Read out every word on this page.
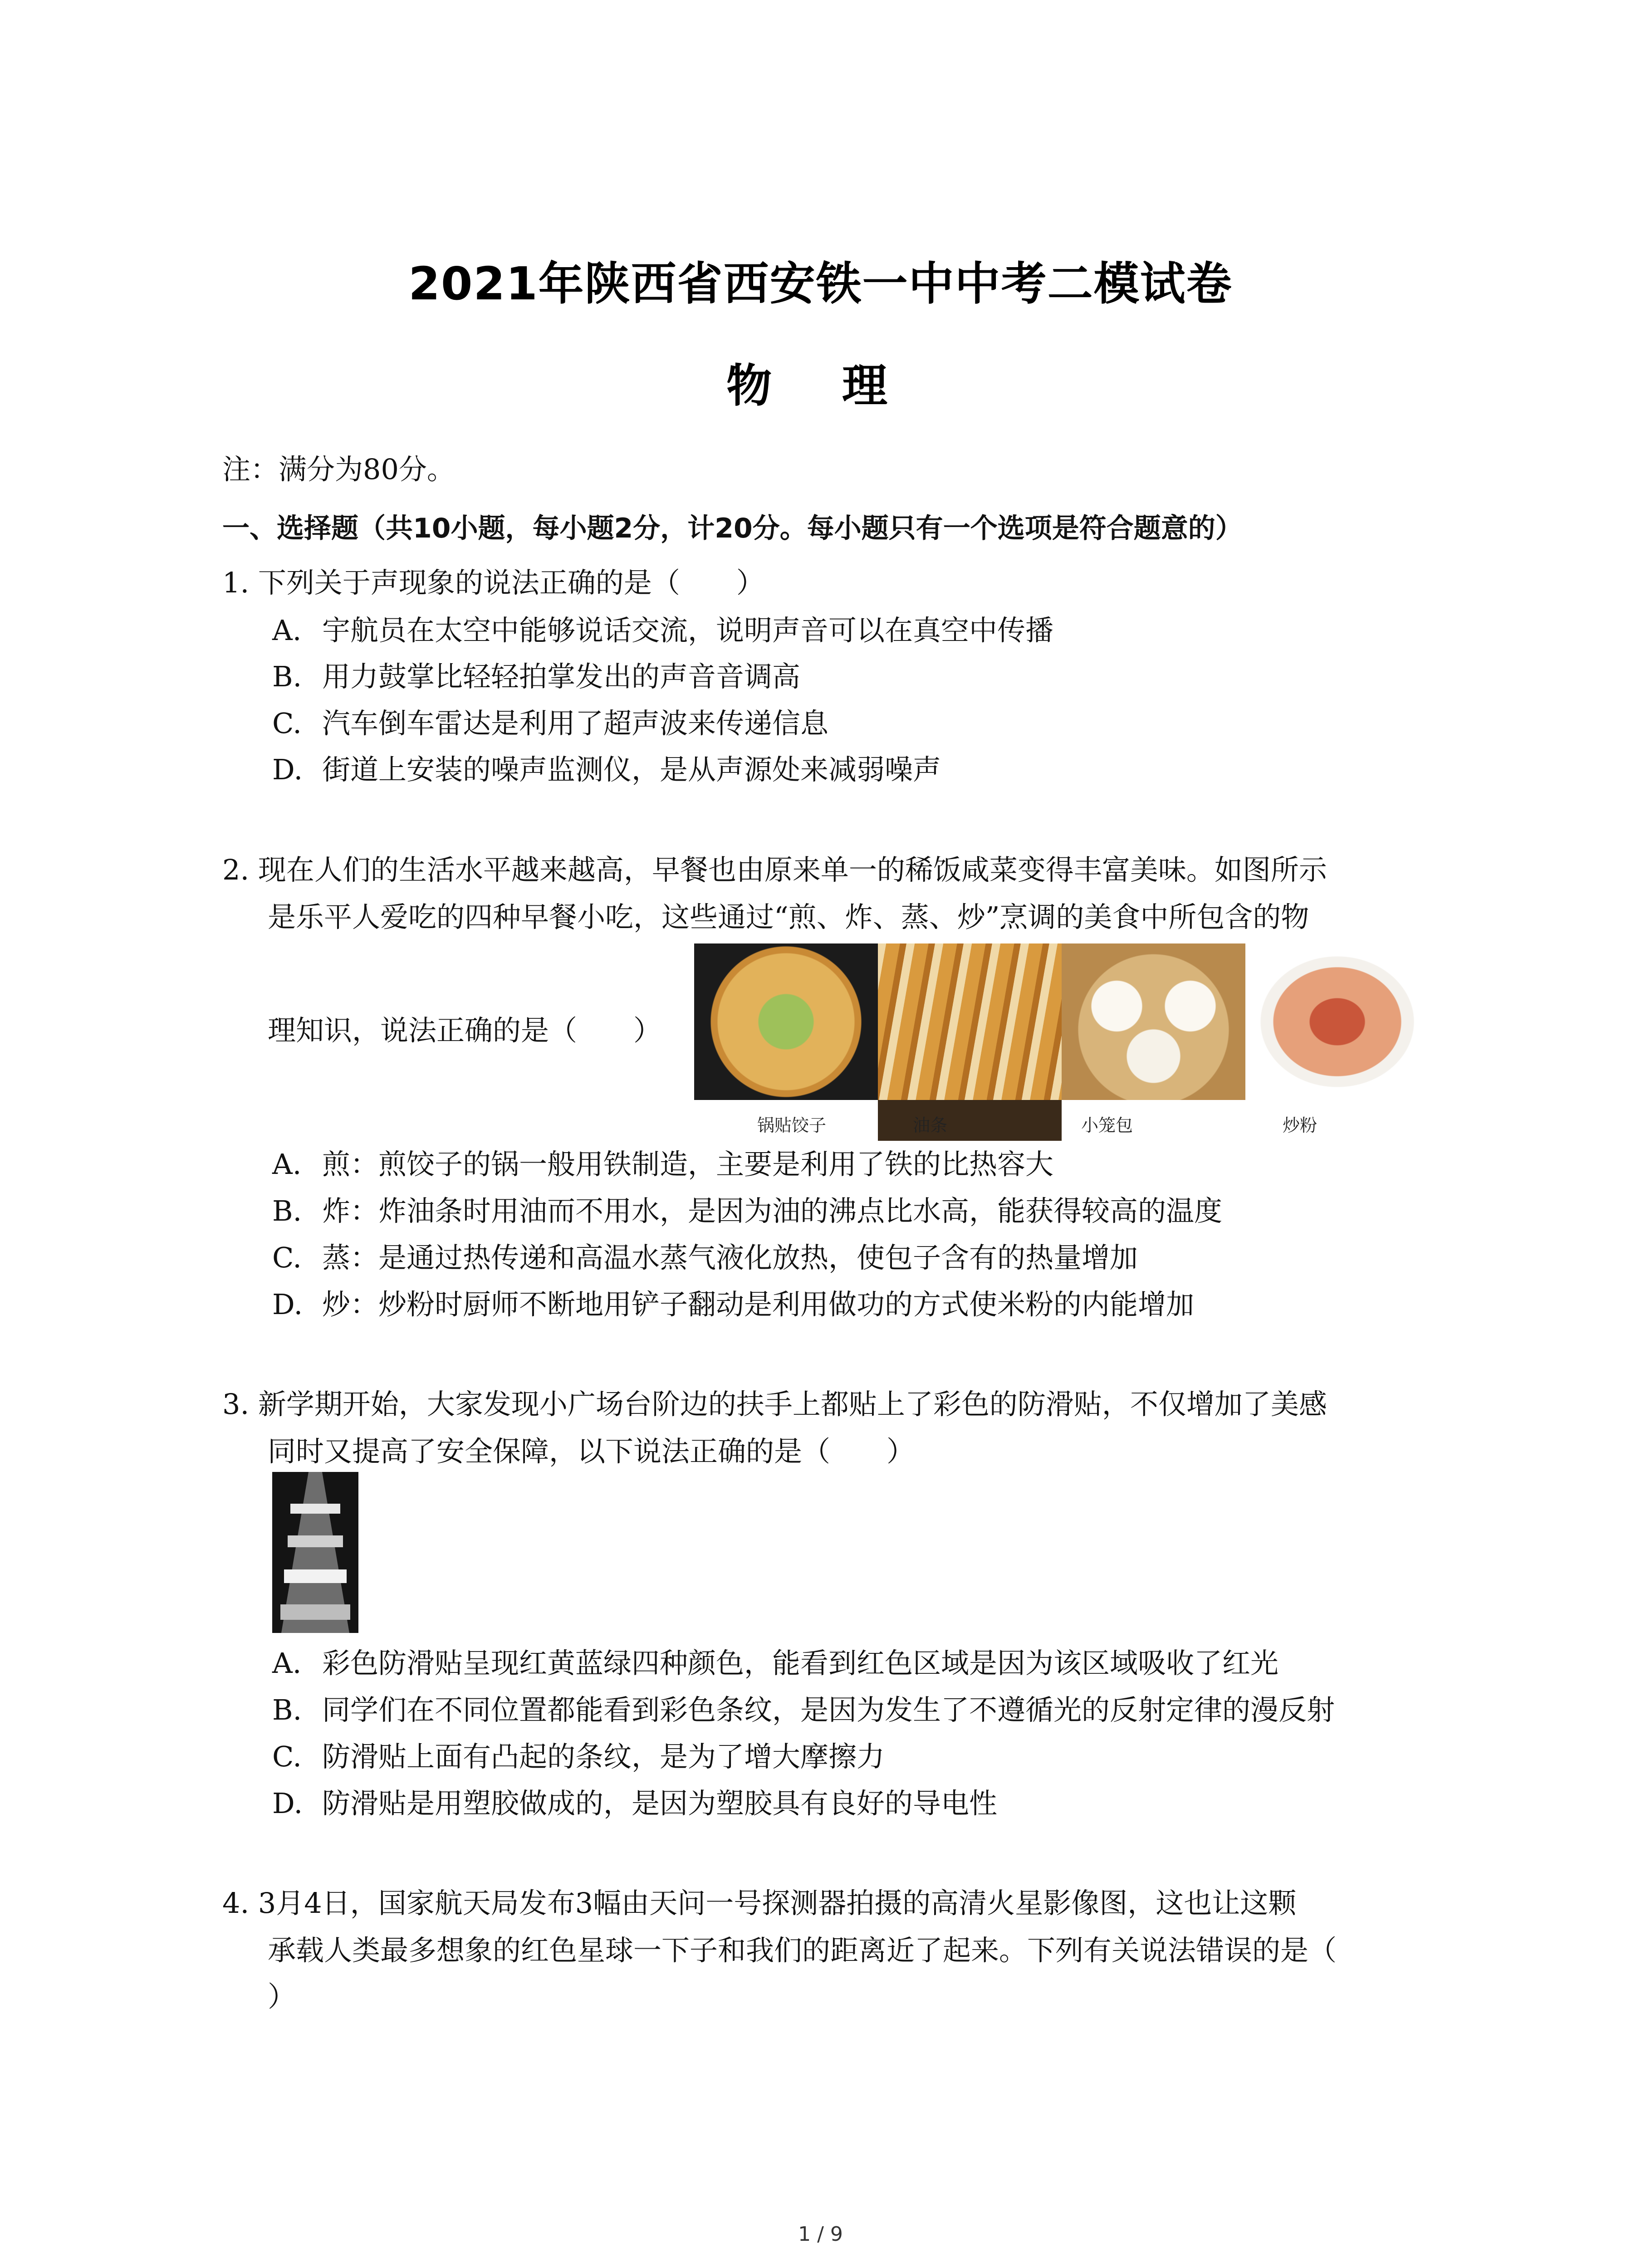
2021年陕西省西安铁一中中考二模试卷
物 理
注：满分为80分。
一、选择题（共10小题，每小题2分，计20分。每小题只有一个选项是符合题意的）
1. 下列关于声现象的说法正确的是（　　）
A. 宇航员在太空中能够说话交流，说明声音可以在真空中传播
B. 用力鼓掌比轻轻拍掌发出的声音音调高
C. 汽车倒车雷达是利用了超声波来传递信息
D. 街道上安装的噪声监测仪，是从声源处来减弱噪声
2. 现在人们的生活水平越来越高，早餐也由原来单一的稀饭咸菜变得丰富美味。如图所示
是乐平人爱吃的四种早餐小吃，这些通过“煎、炸、蒸、炒”烹调的美食中所包含的物
理知识，说法正确的是（　　）
锅贴饺子	油条	小笼包	炒粉
A. 煎：煎饺子的锅一般用铁制造，主要是利用了铁的比热容大
B. 炸：炸油条时用油而不用水，是因为油的沸点比水高，能获得较高的温度
C. 蒸：是通过热传递和高温水蒸气液化放热，使包子含有的热量增加
D. 炒：炒粉时厨师不断地用铲子翻动是利用做功的方式使米粉的内能增加
3. 新学期开始，大家发现小广场台阶边的扶手上都贴上了彩色的防滑贴，不仅增加了美感
同时又提高了安全保障，以下说法正确的是（　　）
A. 彩色防滑贴呈现红黄蓝绿四种颜色，能看到红色区域是因为该区域吸收了红光
B. 同学们在不同位置都能看到彩色条纹，是因为发生了不遵循光的反射定律的漫反射
C. 防滑贴上面有凸起的条纹，是为了增大摩擦力
D. 防滑贴是用塑胶做成的，是因为塑胶具有良好的导电性
4. 3月4日，国家航天局发布3幅由天问一号探测器拍摄的高清火星影像图，这也让这颗
承载人类最多想象的红色星球一下子和我们的距离近了起来。下列有关说法错误的是（
）
1 / 9
